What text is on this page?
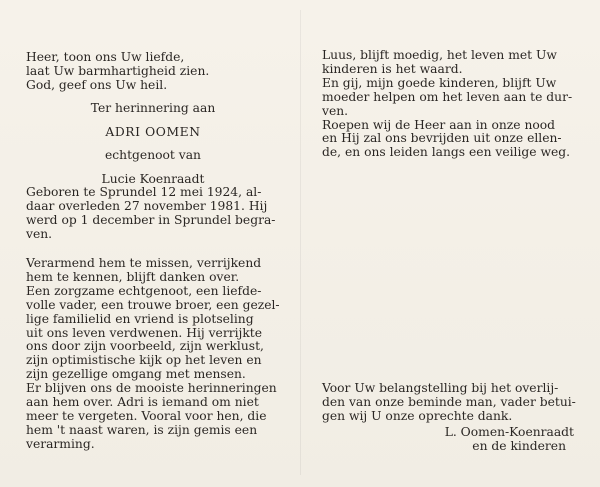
Heer, toon ons Uw liefde,
laat Uw barmhartigheid zien.
God, geef ons Uw heil.
Ter herinnering aan
ADRI OOMEN
echtgenoot van
Lucie Koenraadt
Geboren te Sprundel 12 mei 1924, al-
daar overleden 27 november 1981. Hij
werd op 1 december in Sprundel begra-
ven.
Verarmend hem te missen, verrijkend
hem te kennen, blijft danken over.
Een zorgzame echtgenoot, een liefde-
volle vader, een trouwe broer, een gezel-
lige familielid en vriend is plotseling
uit ons leven verdwenen. Hij verrijkte
ons door zijn voorbeeld, zijn werklust,
zijn optimistische kijk op het leven en
zijn gezellige omgang met mensen.
Er blijven ons de mooiste herinneringen
aan hem over. Adri is iemand om niet
meer te vergeten. Vooral voor hen, die
hem 't naast waren, is zijn gemis een
verarming.
Luus, blijft moedig, het leven met Uw
kinderen is het waard.
En gij, mijn goede kinderen, blijft Uw
moeder helpen om het leven aan te dur-
ven.
Roepen wij de Heer aan in onze nood
en Hij zal ons bevrijden uit onze ellen-
de, en ons leiden langs een veilige weg.
Voor Uw belangstelling bij het overlij-
den van onze beminde man, vader betui-
gen wij U onze oprechte dank.
L. Oomen-Koenraadt
en de kinderen
